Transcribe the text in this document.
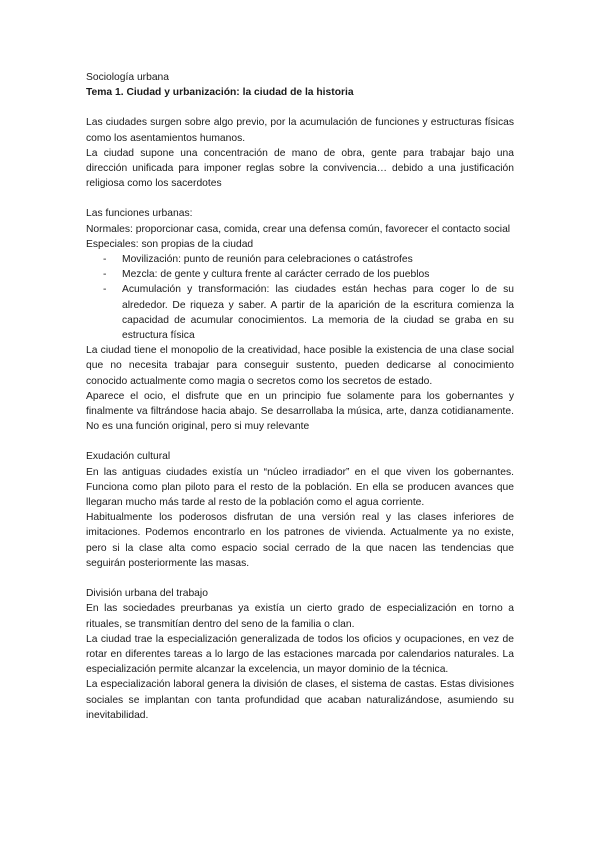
Sociología urbana

Tema 1. Ciudad y urbanización: la ciudad de la historia

Las ciudades surgen sobre algo previo, por la acumulación de funciones y estructuras físicas como los asentamientos humanos.

La ciudad supone una concentración de mano de obra, gente para trabajar bajo una dirección unificada para imponer reglas sobre la convivencia… debido a una justificación religiosa como los sacerdotes

Las funciones urbanas:

Normales: proporcionar casa, comida, crear una defensa común, favorecer el contacto social

Especiales: son propias de la ciudad

- Movilización: punto de reunión para celebraciones o catástrofes
- Mezcla: de gente y cultura frente al carácter cerrado de los pueblos
- Acumulación y transformación: las ciudades están hechas para coger lo de su alrededor. De riqueza y saber. A partir de la aparición de la escritura comienza la capacidad de acumular conocimientos. La memoria de la ciudad se graba en su estructura física

La ciudad tiene el monopolio de la creatividad, hace posible la existencia de una clase social que no necesita trabajar para conseguir sustento, pueden dedicarse al conocimiento conocido actualmente como magia o secretos como los secretos de estado.

Aparece el ocio, el disfrute que en un principio fue solamente para los gobernantes y finalmente va filtrándose hacia abajo. Se desarrollaba la música, arte, danza cotidianamente. No es una función original, pero si muy relevante

Exudación cultural

En las antiguas ciudades existía un “núcleo irradiador” en el que viven los gobernantes. Funciona como plan piloto para el resto de la población. En ella se producen avances que llegaran mucho más tarde al resto de la población como el agua corriente.

Habitualmente los poderosos disfrutan de una versión real y las clases inferiores de imitaciones. Podemos encontrarlo en los patrones de vivienda. Actualmente ya no existe, pero si la clase alta como espacio social cerrado de la que nacen las tendencias que seguirán posteriormente las masas.

División urbana del trabajo

En las sociedades preurbanas ya existía un cierto grado de especialización en torno a rituales, se transmitían dentro del seno de la familia o clan.

La ciudad trae la especialización generalizada de todos los oficios y ocupaciones, en vez de rotar en diferentes tareas a lo largo de las estaciones marcada por calendarios naturales. La especialización permite alcanzar la excelencia, un mayor dominio de la técnica.

La especialización laboral genera la división de clases, el sistema de castas. Estas divisiones sociales se implantan con tanta profundidad que acaban naturalizándose, asumiendo su inevitabilidad.
